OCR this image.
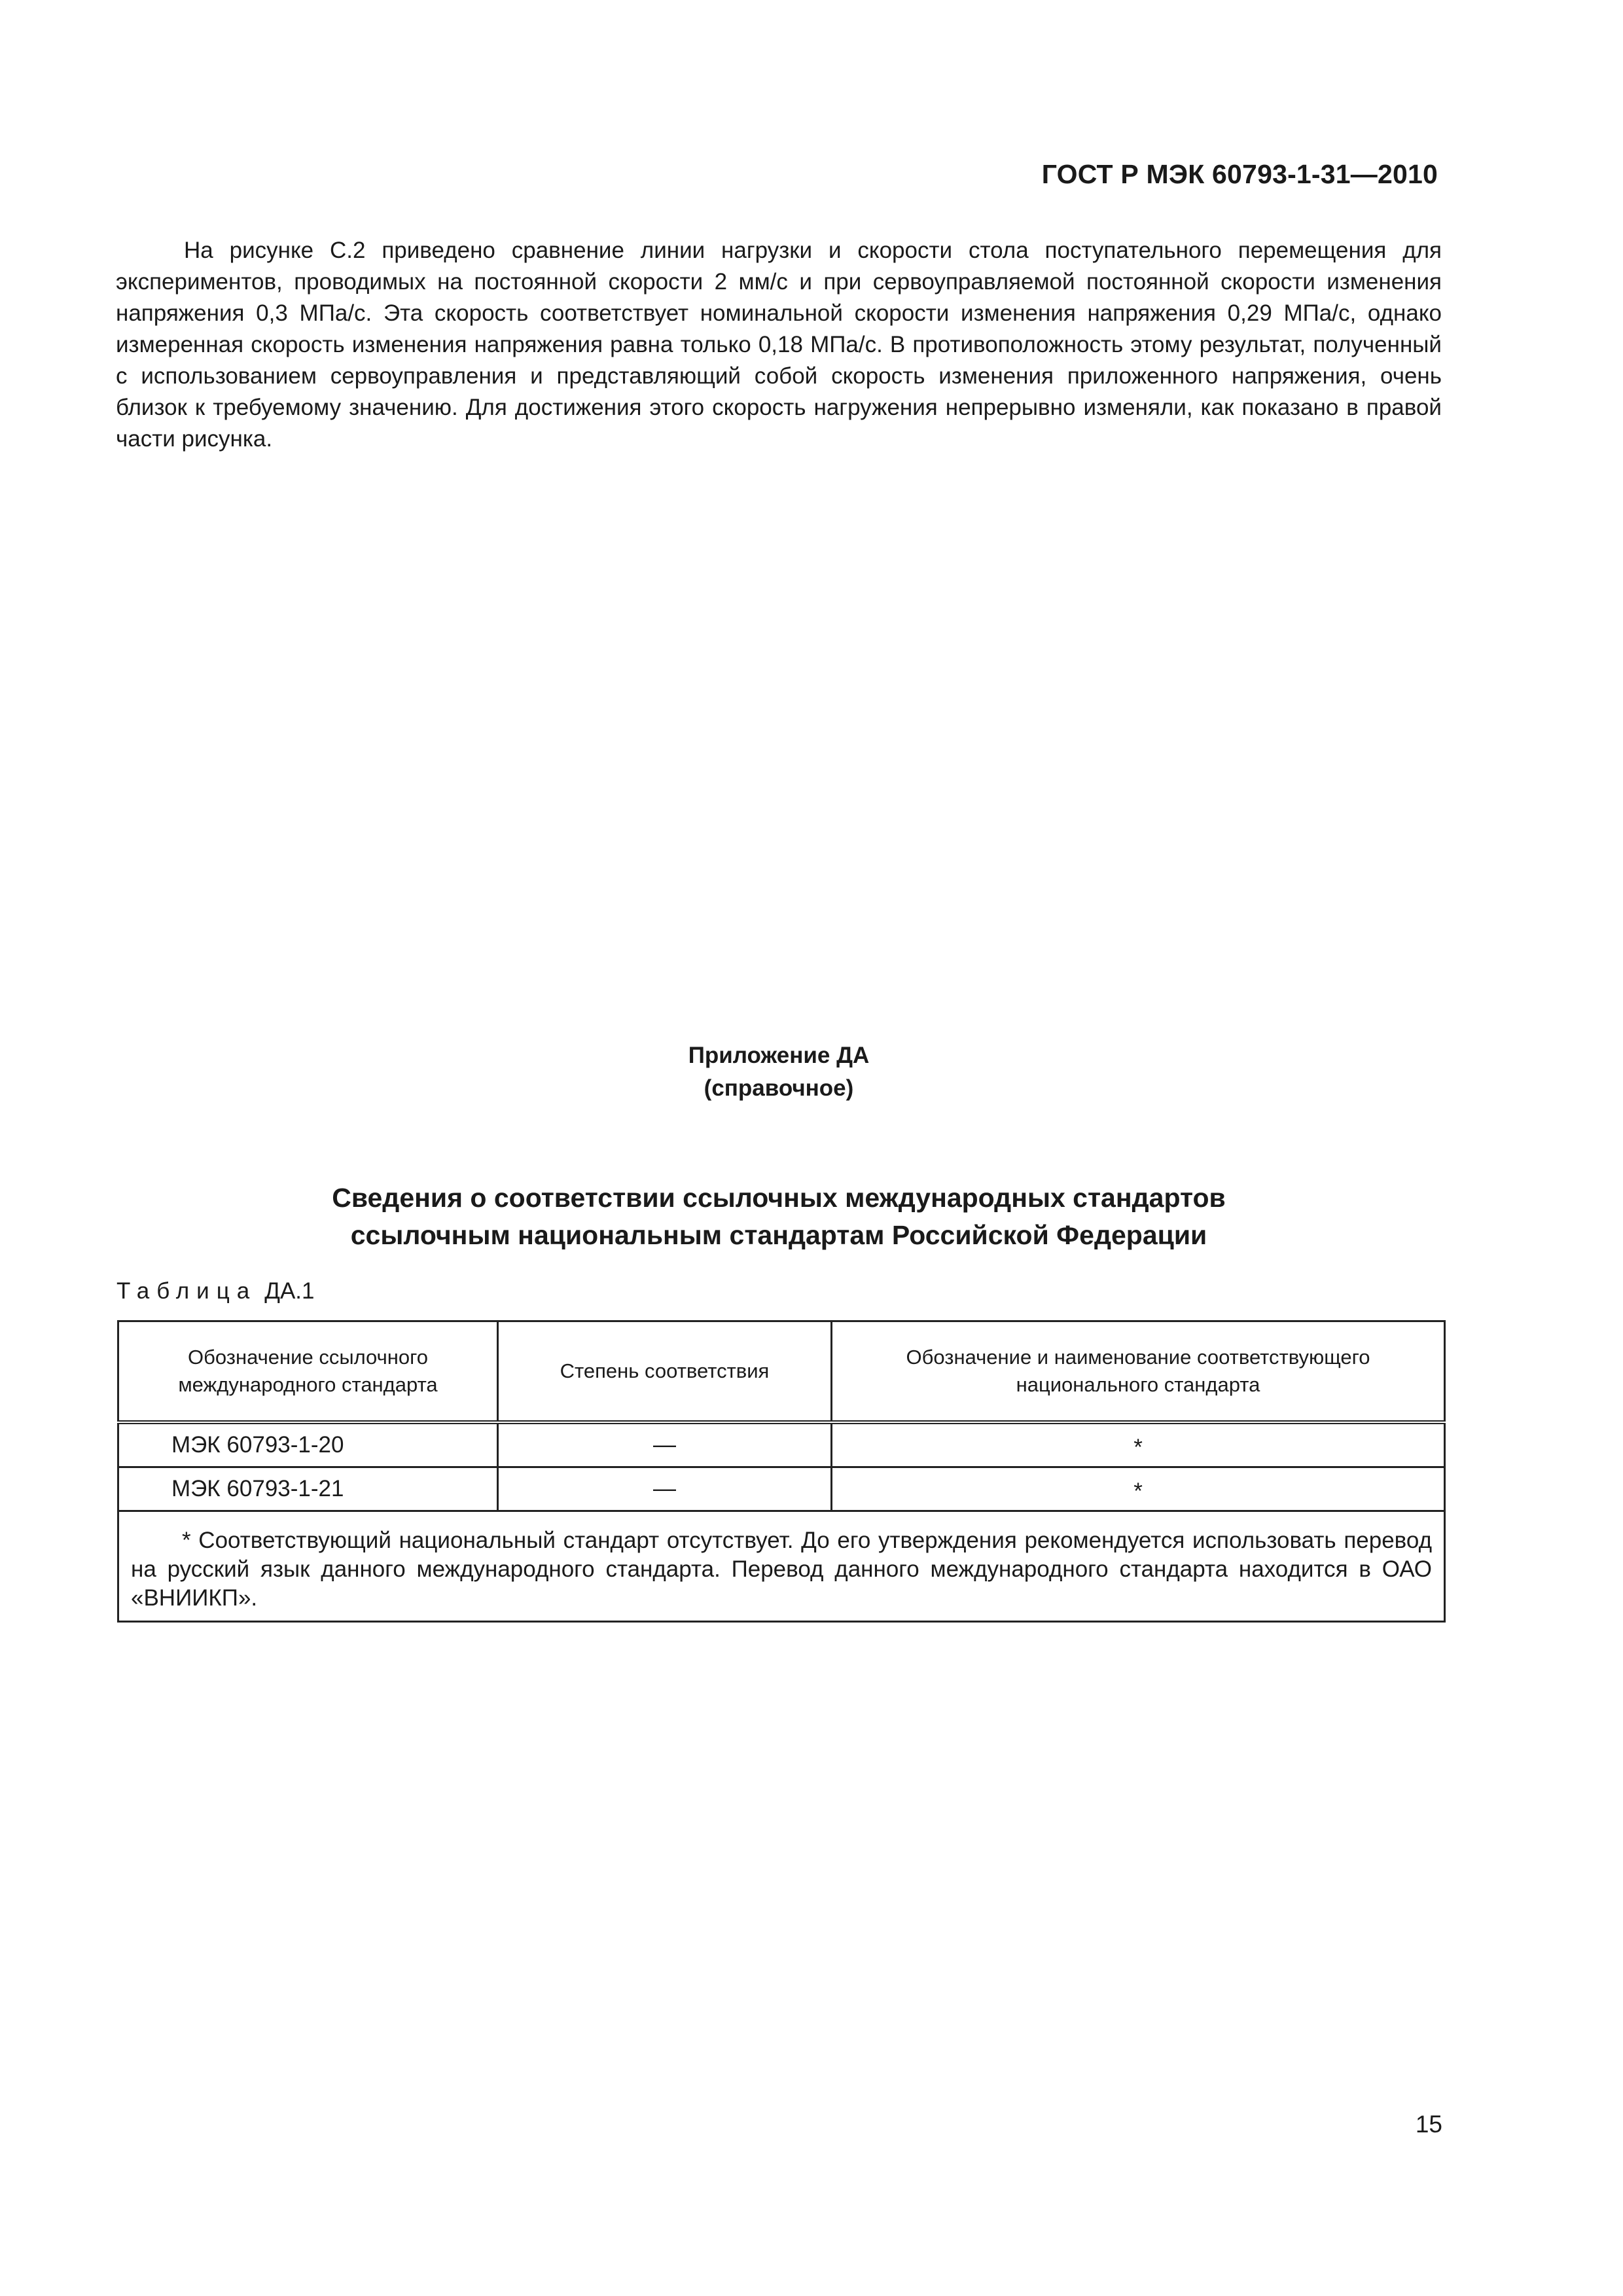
ГОСТ Р МЭК 60793-1-31—2010

На рисунке С.2 приведено сравнение линии нагрузки и скорости стола поступательного перемещения для экспериментов, проводимых на постоянной скорости 2 мм/с и при сервоуправляемой постоянной скорости изменения напряжения 0,3 МПа/с. Эта скорость соответствует номинальной скорости изменения напряжения 0,29 МПа/с, однако измеренная скорость изменения напряжения равна только 0,18 МПа/с. В противоположность этому результат, полученный с использованием сервоуправления и представляющий собой скорость изменения приложенного напряжения, очень близок к требуемому значению. Для достижения этого скорость нагружения непрерывно изменяли, как показано в правой части рисунка.

Приложение ДА
(справочное)
Сведения о соответствии ссылочных международных стандартов
ссылочным национальным стандартам Российской Федерации
Таблица ДА.1
Обозначение ссылочного международного стандарта	Степень соответствия	Обозначение и наименование соответствующего национального стандарта
МЭК 60793-1-20	—	*
МЭК 60793-1-21	—	*

* Соответствующий национальный стандарт отсутствует. До его утверждения рекомендуется использовать перевод на русский язык данного международного стандарта. Перевод данного международного стандарта находится в ОАО «ВНИИКП».		
15
